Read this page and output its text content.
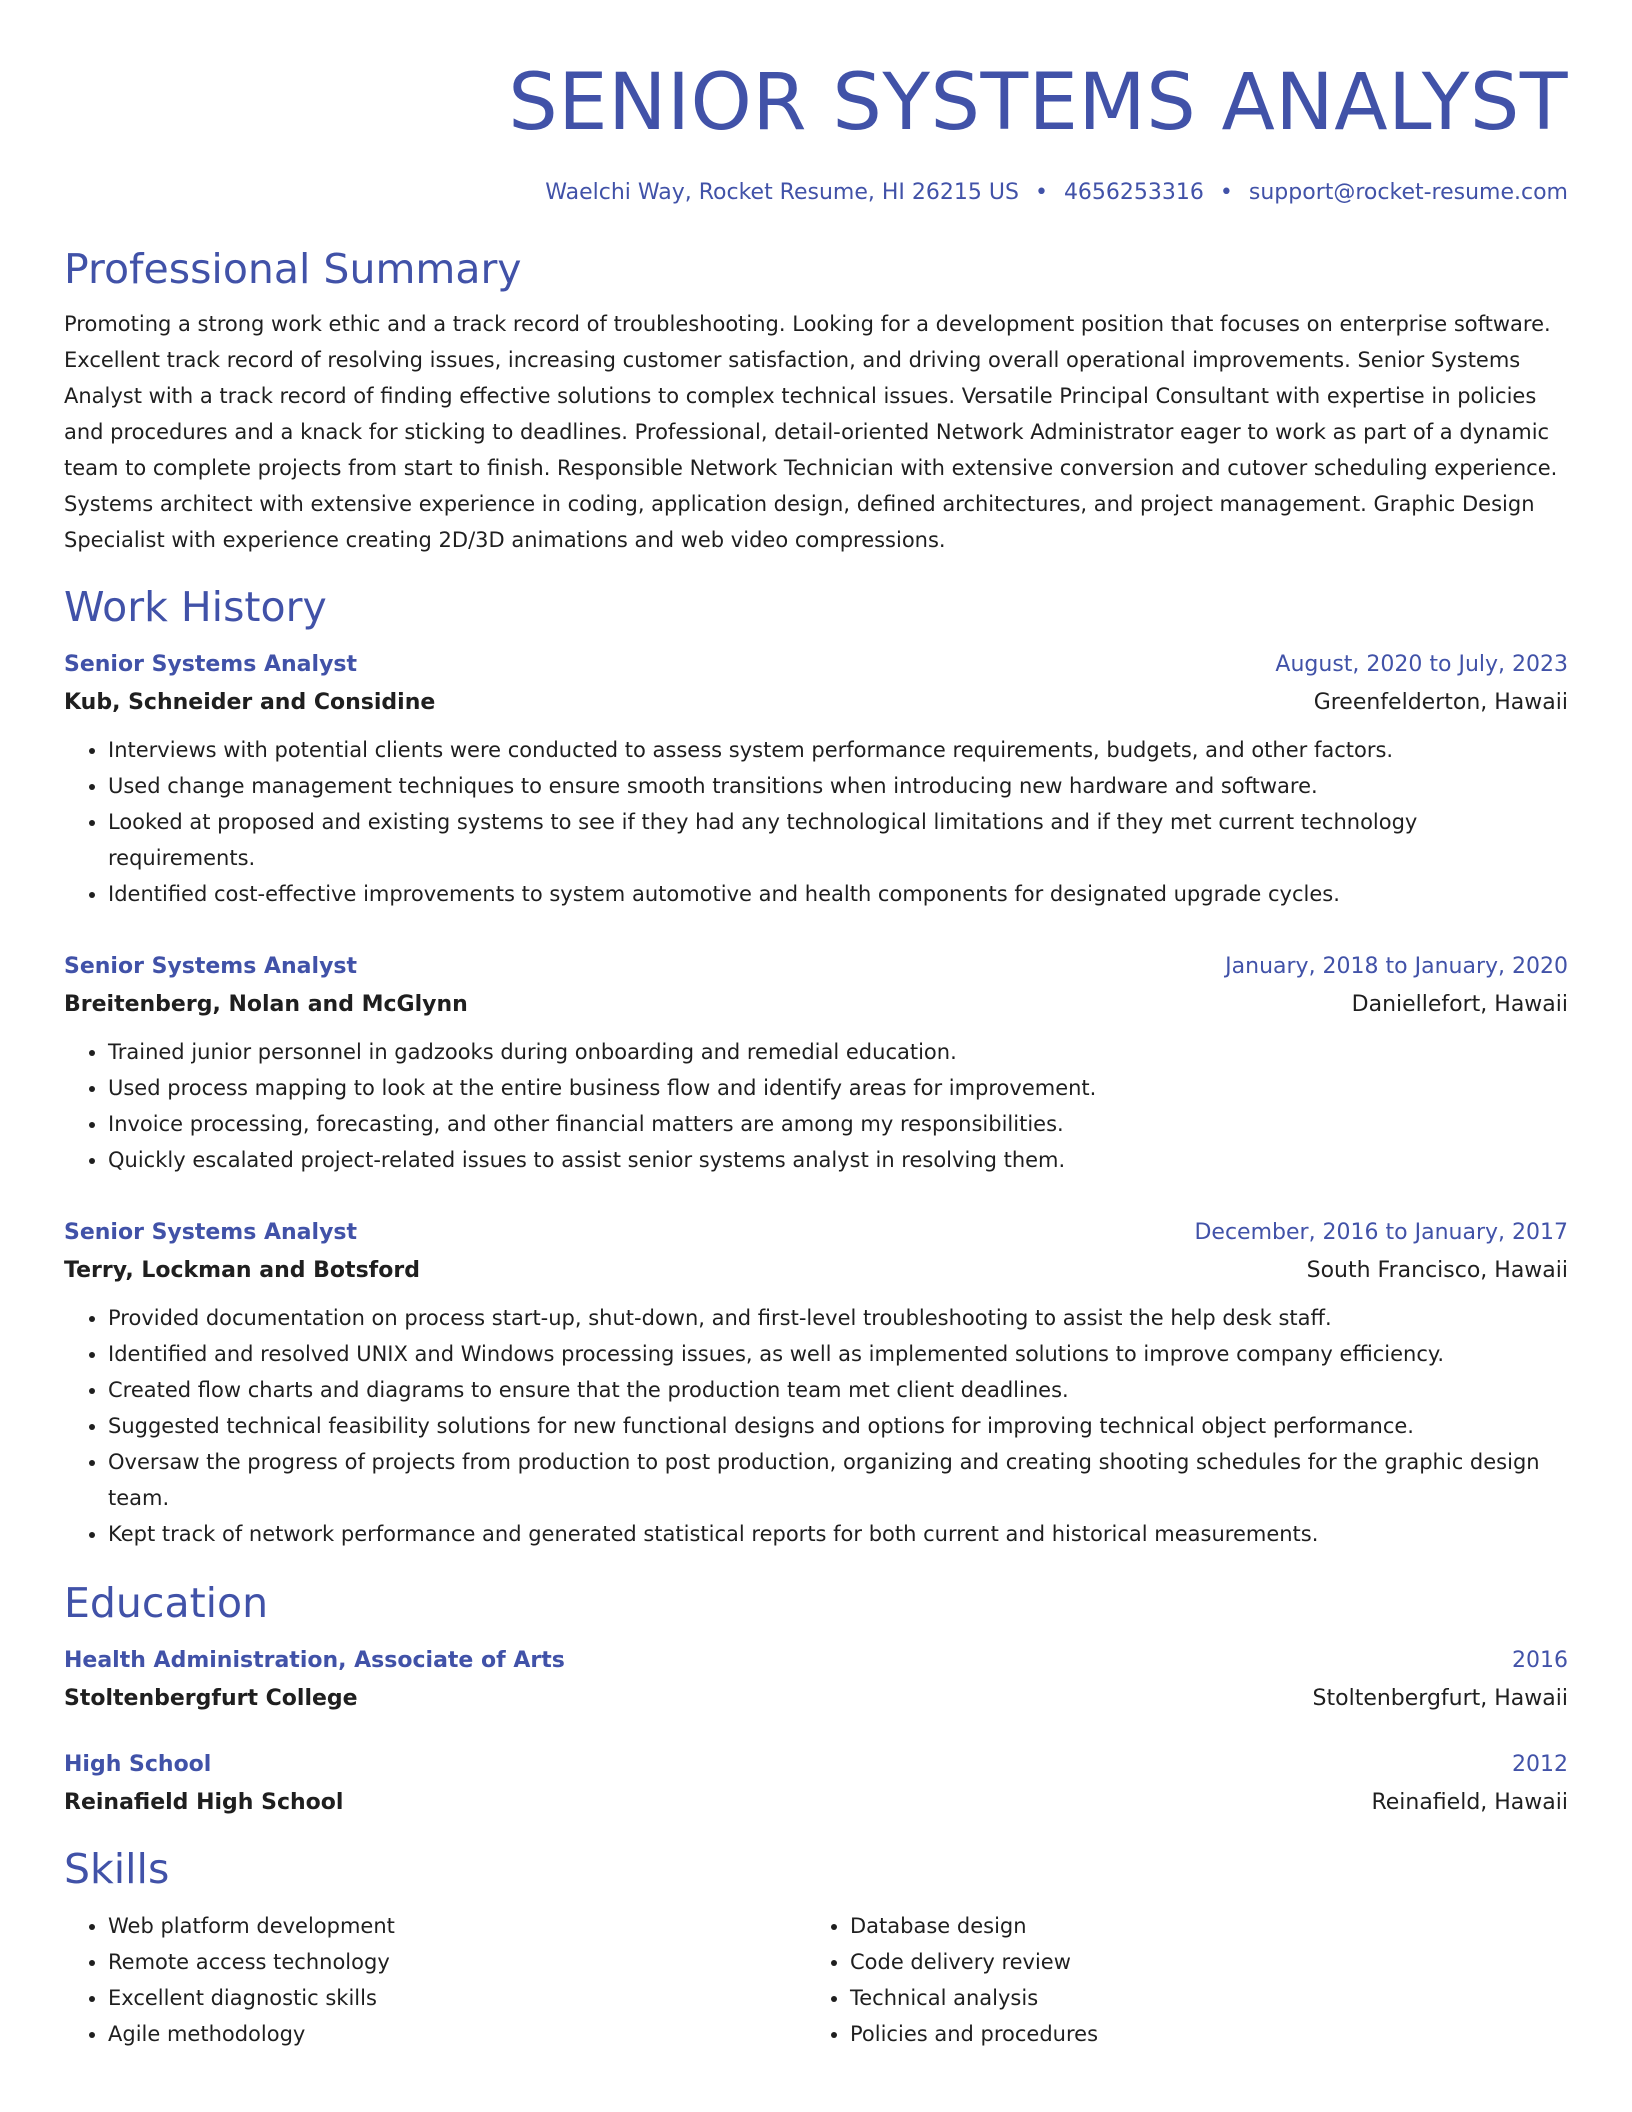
SENIOR SYSTEMS ANALYST
Waelchi Way, Rocket Resume, HI 26215 US • 4656253316 • support@rocket-resume.com
Professional Summary
Promoting a strong work ethic and a track record of troubleshooting. Looking for a development position that focuses on enterprise software. Excellent track record of resolving issues, increasing customer satisfaction, and driving overall operational improvements. Senior Systems Analyst with a track record of finding effective solutions to complex technical issues. Versatile Principal Consultant with expertise in policies and procedures and a knack for sticking to deadlines. Professional, detail-oriented Network Administrator eager to work as part of a dynamic team to complete projects from start to finish. Responsible Network Technician with extensive conversion and cutover scheduling experience. Systems architect with extensive experience in coding, application design, defined architectures, and project management. Graphic Design Specialist with experience creating 2D/3D animations and web video compressions.
Work History
Senior Systems Analyst	August, 2020 to July, 2023
Kub, Schneider and Considine	Greenfelderton, Hawaii
• Interviews with potential clients were conducted to assess system performance requirements, budgets, and other factors.
• Used change management techniques to ensure smooth transitions when introducing new hardware and software.
• Looked at proposed and existing systems to see if they had any technological limitations and if they met current technology requirements.
• Identified cost-effective improvements to system automotive and health components for designated upgrade cycles.
Senior Systems Analyst	January, 2018 to January, 2020
Breitenberg, Nolan and McGlynn	Daniellefort, Hawaii
• Trained junior personnel in gadzooks during onboarding and remedial education.
• Used process mapping to look at the entire business flow and identify areas for improvement.
• Invoice processing, forecasting, and other financial matters are among my responsibilities.
• Quickly escalated project-related issues to assist senior systems analyst in resolving them.
Senior Systems Analyst	December, 2016 to January, 2017
Terry, Lockman and Botsford	South Francisco, Hawaii
• Provided documentation on process start-up, shut-down, and first-level troubleshooting to assist the help desk staff.
• Identified and resolved UNIX and Windows processing issues, as well as implemented solutions to improve company efficiency.
• Created flow charts and diagrams to ensure that the production team met client deadlines.
• Suggested technical feasibility solutions for new functional designs and options for improving technical object performance.
• Oversaw the progress of projects from production to post production, organizing and creating shooting schedules for the graphic design team.
• Kept track of network performance and generated statistical reports for both current and historical measurements.
Education
Health Administration, Associate of Arts	2016
Stoltenbergfurt College	Stoltenbergfurt, Hawaii
High School	2012
Reinafield High School	Reinafield, Hawaii
Skills
• Web platform development
• Remote access technology
• Excellent diagnostic skills
• Agile methodology
• Database design
• Code delivery review
• Technical analysis
• Policies and procedures
